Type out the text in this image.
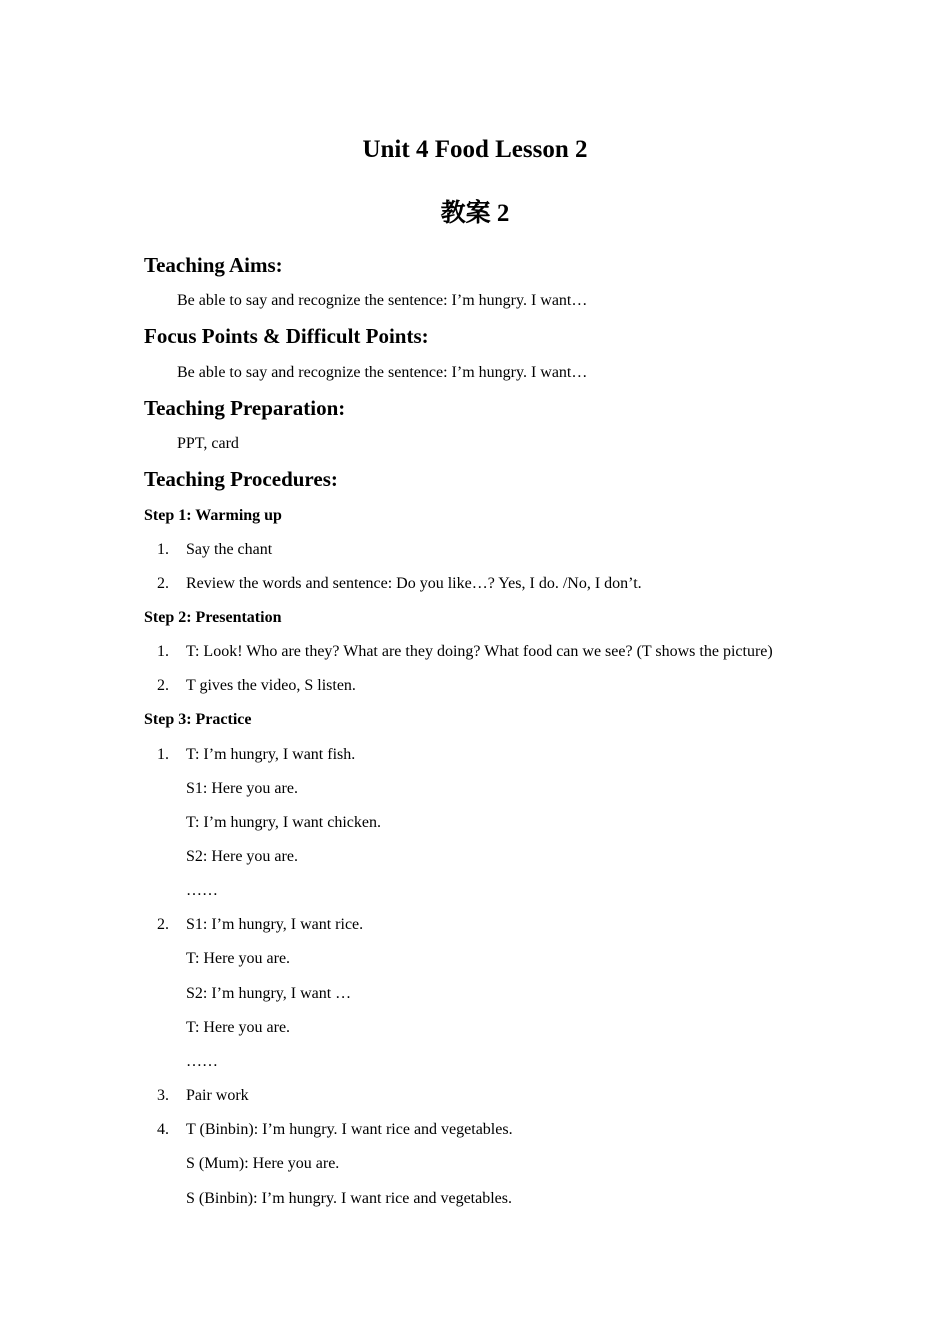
Unit 4 Food Lesson 2
教案 2
Teaching Aims:

Be able to say and recognize the sentence: I’m hungry. I want…

Focus Points & Difficult Points:

Be able to say and recognize the sentence: I’m hungry. I want…

Teaching Preparation:

PPT, card

Teaching Procedures:

Step 1: Warming up

1. Say the chant

2. Review the words and sentence: Do you like…? Yes, I do. /No, I don’t.

Step 2: Presentation

1. T: Look! Who are they? What are they doing? What food can we see? (T shows the picture)

2. T gives the video, S listen.

Step 3: Practice

1. T: I’m hungry, I want fish.

S1: Here you are.

T: I’m hungry, I want chicken.

S2: Here you are.

……

2. S1: I’m hungry, I want rice.

T: Here you are.

S2: I’m hungry, I want …

T: Here you are.

……

3. Pair work

4. T (Binbin): I’m hungry. I want rice and vegetables.

S (Mum): Here you are.

S (Binbin): I’m hungry. I want rice and vegetables.
